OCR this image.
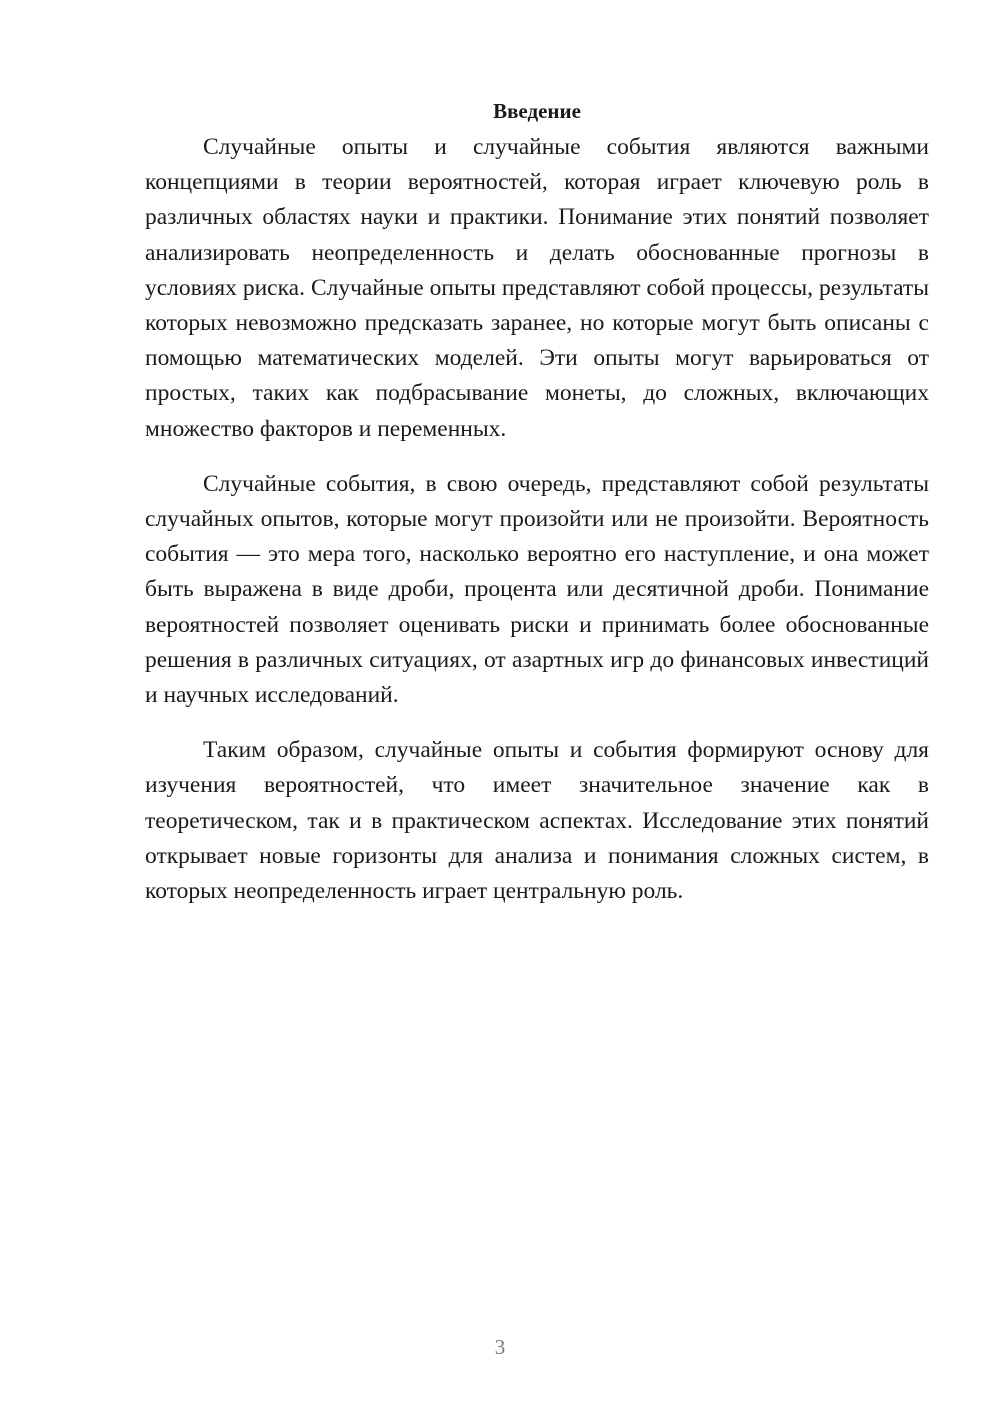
Введение

Случайные опыты и случайные события являются важными концепциями в теории вероятностей, которая играет ключевую роль в различных областях науки и практики. Понимание этих понятий позволяет анализировать неопределенность и делать обоснованные прогнозы в условиях риска. Случайные опыты представляют собой процессы, результаты которых невозможно предсказать заранее, но которые могут быть описаны с помощью математических моделей. Эти опыты могут варьироваться от простых, таких как подбрасывание монеты, до сложных, включающих множество факторов и переменных.

Случайные события, в свою очередь, представляют собой результаты случайных опытов, которые могут произойти или не произойти. Вероятность события — это мера того, насколько вероятно его наступление, и она может быть выражена в виде дроби, процента или десятичной дроби. Понимание вероятностей позволяет оценивать риски и принимать более обоснованные решения в различных ситуациях, от азартных игр до финансовых инвестиций и научных исследований.

Таким образом, случайные опыты и события формируют основу для изучения вероятностей, что имеет значительное значение как в теоретическом, так и в практическом аспектах. Исследование этих понятий открывает новые горизонты для анализа и понимания сложных систем, в которых неопределенность играет центральную роль.

3
